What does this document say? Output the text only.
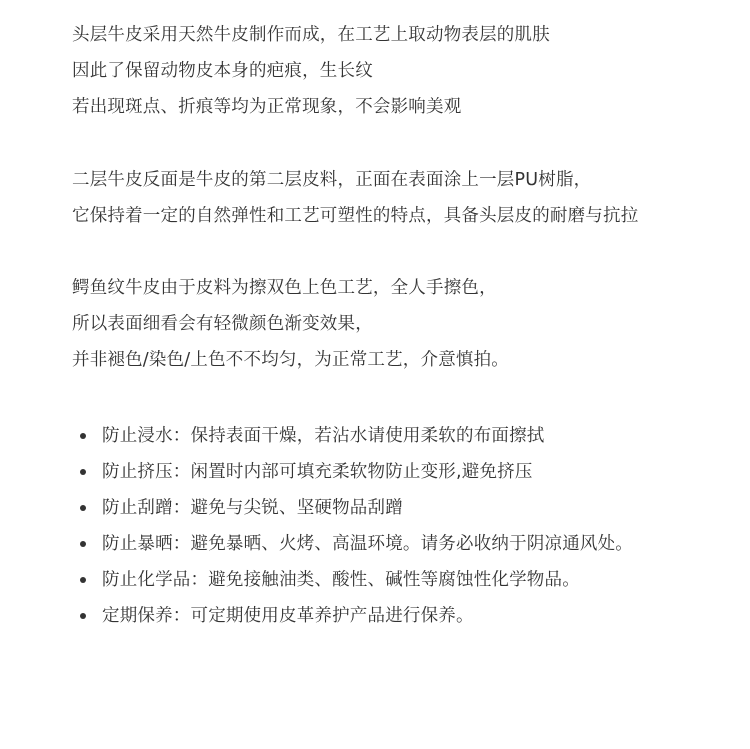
头层牛皮采用天然牛皮制作而成，在工艺上取动物表层的肌肤
因此了保留动物皮本身的疤痕，生长纹
若出现斑点、折痕等均为正常现象，不会影响美观
二层牛皮反面是牛皮的第二层皮料，正面在表面涂上一层PU树脂，
它保持着一定的自然弹性和工艺可塑性的特点，具备头层皮的耐磨与抗拉
鳄鱼纹牛皮由于皮料为擦双色上色工艺，全人手擦色，
所以表面细看会有轻微颜色渐变效果，
并非褪色/染色/上色不不均匀，为正常工艺，介意慎拍。
防止浸水：保持表面干燥，若沾水请使用柔软的布面擦拭
防止挤压：闲置时内部可填充柔软物防止变形,避免挤压
防止刮蹭：避免与尖锐、坚硬物品刮蹭
防止暴晒：避免暴晒、火烤、高温环境。请务必收纳于阴凉通风处。
防止化学品：避免接触油类、酸性、碱性等腐蚀性化学物品。
定期保养：可定期使用皮革养护产品进行保养。
